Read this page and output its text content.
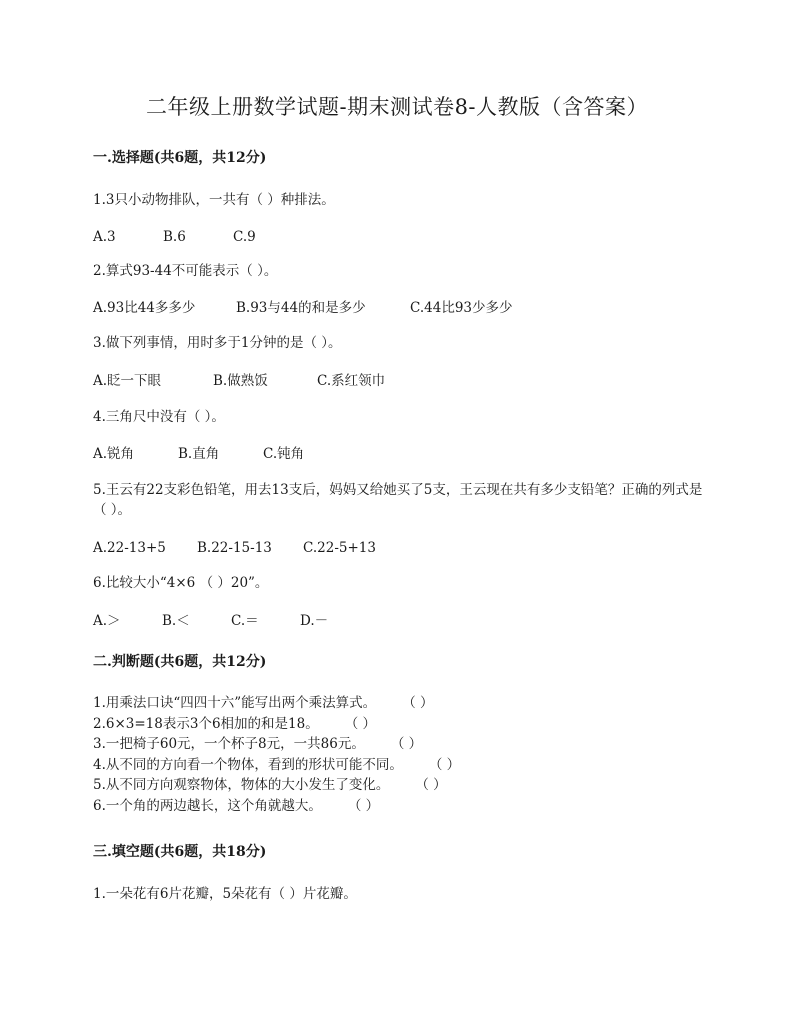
二年级上册数学试题-期末测试卷8-人教版（含答案）
一.选择题(共6题，共12分)
1.3只小动物排队，一共有（ ）种排法。
A.3	B.6	C.9
2.算式93-44不可能表示（ ）。
A.93比44多多少	B.93与44的和是多少	C.44比93少多少
3.做下列事情，用时多于1分钟的是（ ）。
A.眨一下眼	B.做熟饭	C.系红领巾
4.三角尺中没有（ ）。
A.锐角	B.直角	C.钝角
5.王云有22支彩色铅笔，用去13支后，妈妈又给她买了5支，王云现在共有多少支铅笔？正确的列式是（ ）。
A.22-13+5 B.22-15-13 C.22-5+13
6.比较大小“4×6 （ ）20”。
A.＞	B.＜	C.＝	D.－
二.判断题(共6题，共12分)
1.用乘法口诀“四四十六”能写出两个乘法算式。 （ ）
2.6×3=18表示3个6相加的和是18。 （ ）
3.一把椅子60元，一个杯子8元，一共86元。 （ ）
4.从不同的方向看一个物体，看到的形状可能不同。 （ ）
5.从不同方向观察物体，物体的大小发生了变化。 （ ）
6.一个角的两边越长，这个角就越大。 （ ）
三.填空题(共6题，共18分)
1.一朵花有6片花瓣，5朵花有（ ）片花瓣。
